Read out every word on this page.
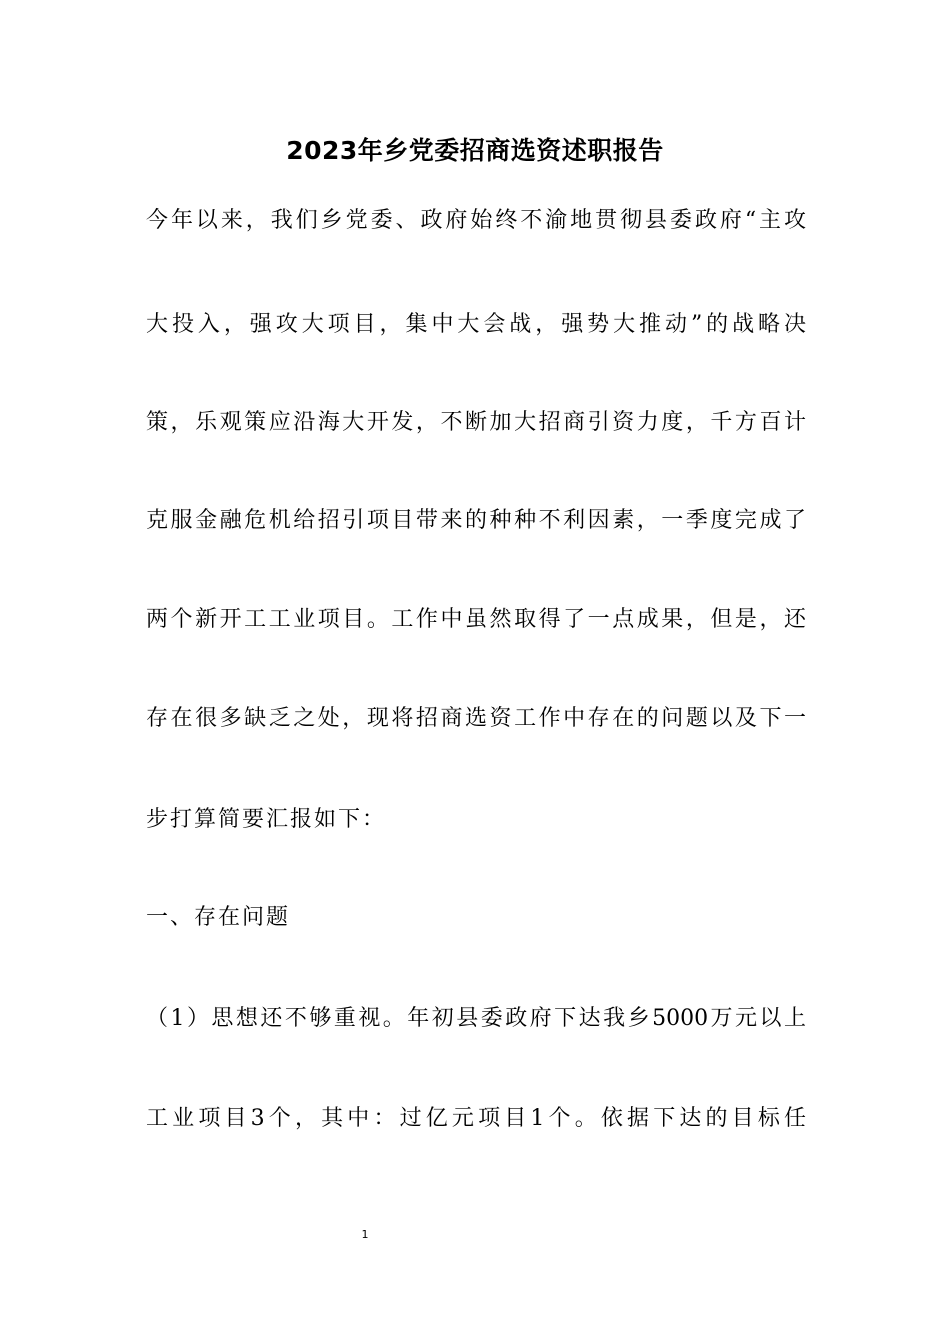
2023年乡党委招商选资述职报告
今年以来，我们乡党委、政府始终不渝地贯彻县委政府“主攻
大投入，强攻大项目，集中大会战，强势大推动”的战略决
策，乐观策应沿海大开发，不断加大招商引资力度，千方百计
克服金融危机给招引项目带来的种种不利因素，一季度完成了
两个新开工工业项目。工作中虽然取得了一点成果，但是，还
存在很多缺乏之处，现将招商选资工作中存在的问题以及下一
步打算简要汇报如下：
一、存在问题
（1）思想还不够重视。年初县委政府下达我乡5000万元以上
工业项目3个，其中：过亿元项目1个。依据下达的目标任
1
